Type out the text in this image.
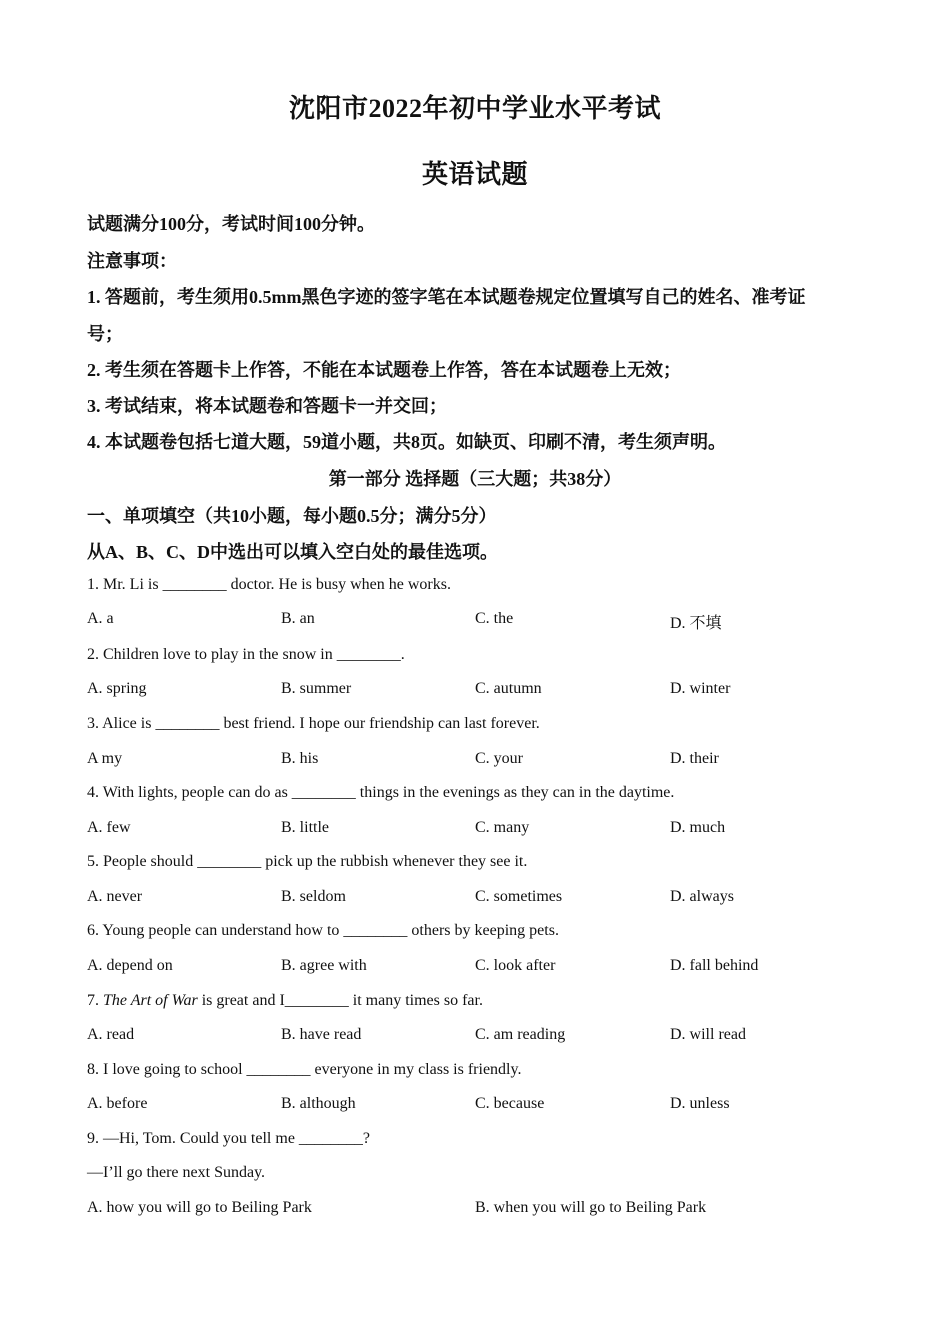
沈阳市2022年初中学业水平考试
英语试题
试题满分100分，考试时间100分钟。
注意事项：
1. 答题前，考生须用0.5mm黑色字迹的签字笔在本试题卷规定位置填写自己的姓名、准考证
号；
2. 考生须在答题卡上作答，不能在本试题卷上作答，答在本试题卷上无效；
3. 考试结束，将本试题卷和答题卡一并交回；
4. 本试题卷包括七道大题，59道小题，共8页。如缺页、印刷不清，考生须声明。
第一部分 选择题（三大题；共38分）
一、单项填空（共10小题，每小题0.5分；满分5分）
从A、B、C、D中选出可以填入空白处的最佳选项。
1. Mr. Li is ________ doctor. He is busy when he works.
A. a	B. an	C. the	D. 不填
2. Children love to play in the snow in ________.
A. spring	B. summer	C. autumn	D. winter
3. Alice is ________ best friend. I hope our friendship can last forever.
A my	B. his	C. your	D. their
4. With lights, people can do as ________ things in the evenings as they can in the daytime.
A. few	B. little	C. many	D. much
5. People should ________ pick up the rubbish whenever they see it.
A. never	B. seldom	C. sometimes	D. always
6. Young people can understand how to ________ others by keeping pets.
A. depend on	B. agree with	C. look after	D. fall behind
7. The Art of War is great and I________ it many times so far.
A. read	B. have read	C. am reading	D. will read
8. I love going to school ________ everyone in my class is friendly.
A. before	B. although	C. because	D. unless
9. —Hi, Tom. Could you tell me ________?
—I’ll go there next Sunday.
A. how you will go to Beiling Park	B. when you will go to Beiling Park
